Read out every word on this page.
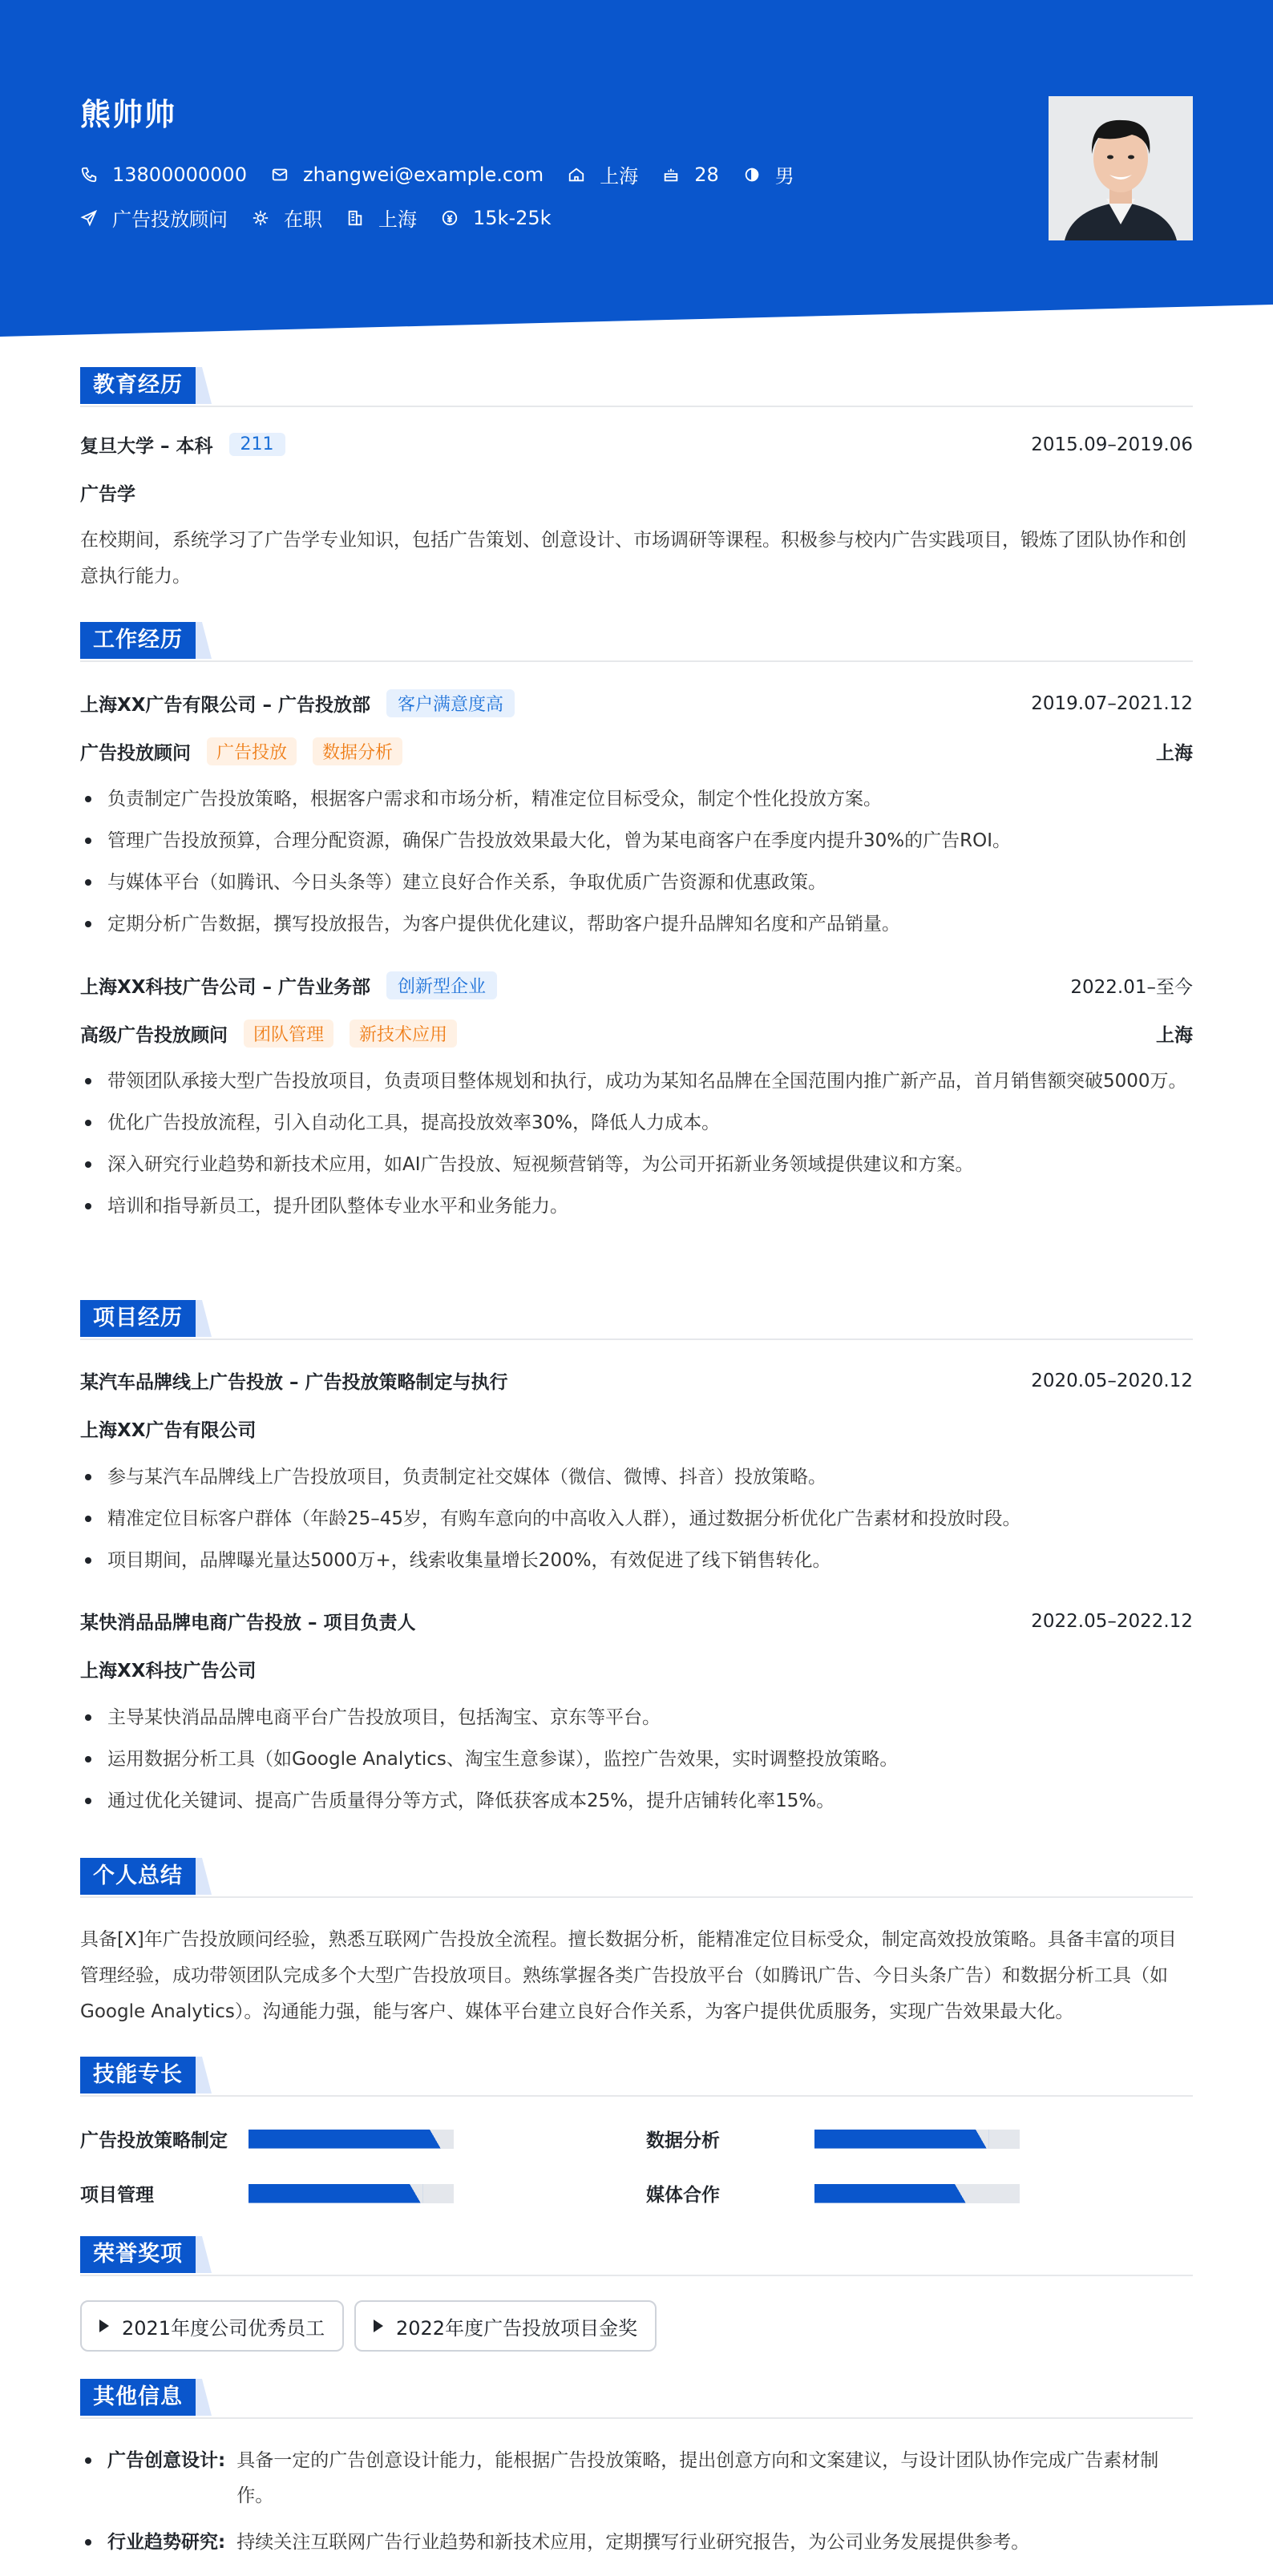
熊帅帅
13800000000	zhangwei@example.com	上海	28	男
广告投放顾问	在职	上海	15k-25k
教育经历
复旦大学 – 本科	211	2015.09–2019.06
广告学
在校期间，系统学习了广告学专业知识，包括广告策划、创意设计、市场调研等课程。积极参与校内广告实践项目，锻炼了团队协作和创意执行能力。
工作经历
上海XX广告有限公司 – 广告投放部	客户满意度高	2019.07–2021.12
广告投放顾问	广告投放	数据分析	上海
负责制定广告投放策略，根据客户需求和市场分析，精准定位目标受众，制定个性化投放方案。
管理广告投放预算，合理分配资源，确保广告投放效果最大化，曾为某电商客户在季度内提升30%的广告ROI。
与媒体平台（如腾讯、今日头条等）建立良好合作关系，争取优质广告资源和优惠政策。
定期分析广告数据，撰写投放报告，为客户提供优化建议，帮助客户提升品牌知名度和产品销量。
上海XX科技广告公司 – 广告业务部	创新型企业	2022.01–至今
高级广告投放顾问	团队管理	新技术应用	上海
带领团队承接大型广告投放项目，负责项目整体规划和执行，成功为某知名品牌在全国范围内推广新产品，首月销售额突破5000万。
优化广告投放流程，引入自动化工具，提高投放效率30%，降低人力成本。
深入研究行业趋势和新技术应用，如AI广告投放、短视频营销等，为公司开拓新业务领域提供建议和方案。
培训和指导新员工，提升团队整体专业水平和业务能力。
项目经历
某汽车品牌线上广告投放 – 广告投放策略制定与执行	2020.05–2020.12
上海XX广告有限公司
参与某汽车品牌线上广告投放项目，负责制定社交媒体（微信、微博、抖音）投放策略。
精准定位目标客户群体（年龄25–45岁，有购车意向的中高收入人群），通过数据分析优化广告素材和投放时段。
项目期间，品牌曝光量达5000万+，线索收集量增长200%，有效促进了线下销售转化。
某快消品品牌电商广告投放 – 项目负责人	2022.05–2022.12
上海XX科技广告公司
主导某快消品品牌电商平台广告投放项目，包括淘宝、京东等平台。
运用数据分析工具（如Google Analytics、淘宝生意参谋），监控广告效果，实时调整投放策略。
通过优化关键词、提高广告质量得分等方式，降低获客成本25%，提升店铺转化率15%。
个人总结
具备[X]年广告投放顾问经验，熟悉互联网广告投放全流程。擅长数据分析，能精准定位目标受众，制定高效投放策略。具备丰富的项目管理经验，成功带领团队完成多个大型广告投放项目。熟练掌握各类广告投放平台（如腾讯广告、今日头条广告）和数据分析工具（如Google Analytics）。沟通能力强，能与客户、媒体平台建立良好合作关系，为客户提供优质服务，实现广告效果最大化。
技能专长
广告投放策略制定	数据分析
项目管理	媒体合作
荣誉奖项
2021年度公司优秀员工	2022年度广告投放项目金奖
其他信息
广告创意设计: 具备一定的广告创意设计能力，能根据广告投放策略，提出创意方向和文案建议，与设计团队协作完成广告素材制作。
行业趋势研究: 持续关注互联网广告行业趋势和新技术应用，定期撰写行业研究报告，为公司业务发展提供参考。
